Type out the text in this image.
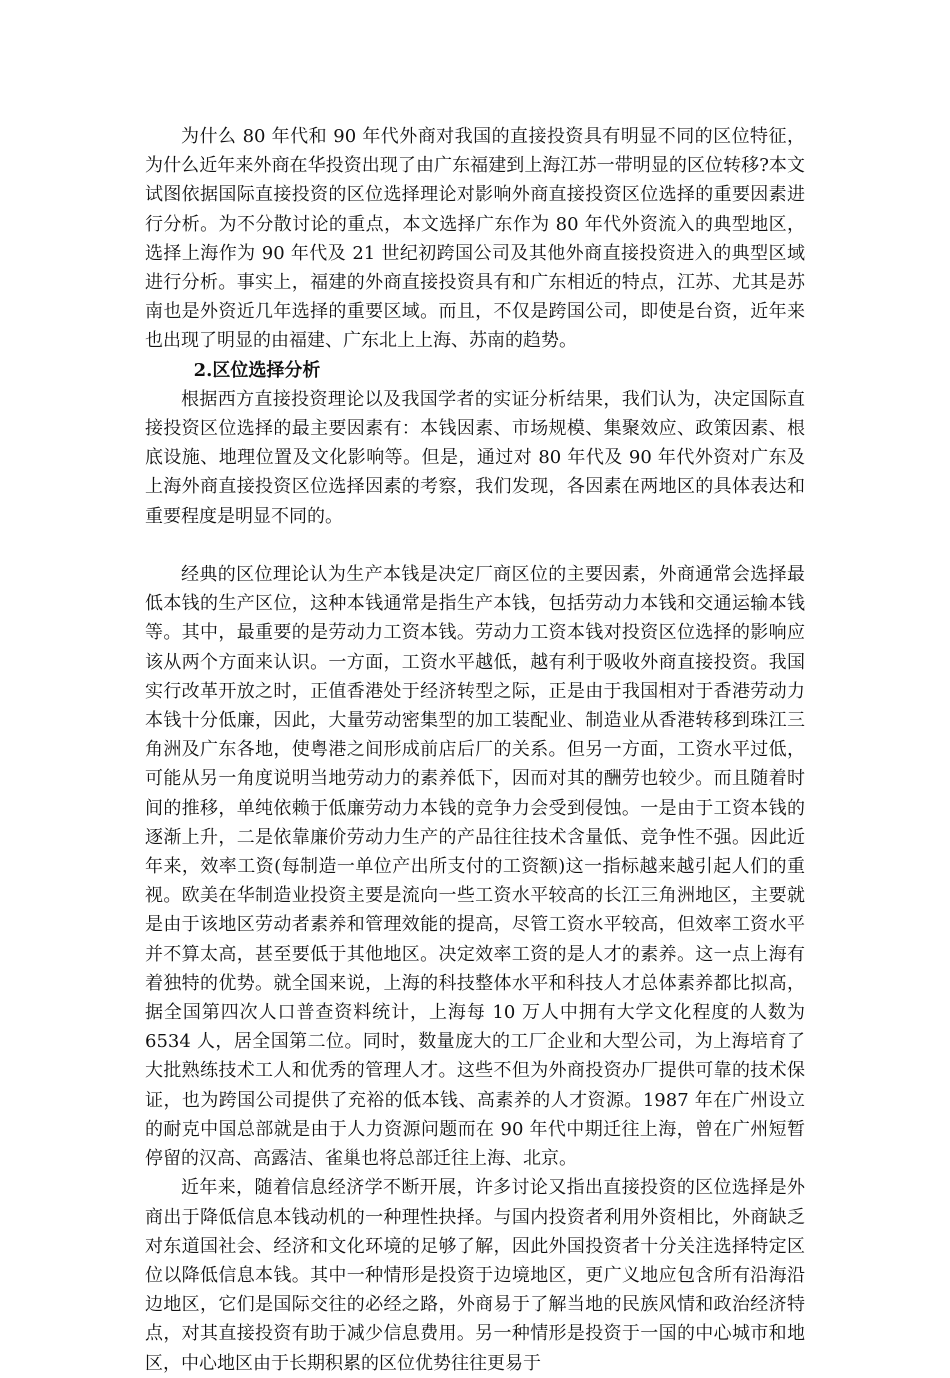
为什么 80 年代和 90 年代外商对我国的直接投资具有明显不同的区位特征，为什么近年来外商在华投资出现了由广东福建到上海江苏一带明显的区位转移?本文试图依据国际直接投资的区位选择理论对影响外商直接投资区位选择的重要因素进行分析。为不分散讨论的重点，本文选择广东作为 80 年代外资流入的典型地区，选择上海作为 90 年代及 21 世纪初跨国公司及其他外商直接投资进入的典型区域进行分析。事实上，福建的外商直接投资具有和广东相近的特点，江苏、尤其是苏南也是外资近几年选择的重要区域。而且，不仅是跨国公司，即使是台资，近年来也出现了明显的由福建、广东北上上海、苏南的趋势。

2.区位选择分析

根据西方直接投资理论以及我国学者的实证分析结果，我们认为，决定国际直接投资区位选择的最主要因素有：本钱因素、市场规模、集聚效应、政策因素、根底设施、地理位置及文化影响等。但是，通过对 80 年代及 90 年代外资对广东及上海外商直接投资区位选择因素的考察，我们发现，各因素在两地区的具体表达和重要程度是明显不同的。

经典的区位理论认为生产本钱是决定厂商区位的主要因素，外商通常会选择最低本钱的生产区位，这种本钱通常是指生产本钱，包括劳动力本钱和交通运输本钱等。其中，最重要的是劳动力工资本钱。劳动力工资本钱对投资区位选择的影响应该从两个方面来认识。一方面，工资水平越低，越有利于吸收外商直接投资。我国实行改革开放之时，正值香港处于经济转型之际，正是由于我国相对于香港劳动力本钱十分低廉，因此，大量劳动密集型的加工装配业、制造业从香港转移到珠江三角洲及广东各地，使粤港之间形成前店后厂的关系。但另一方面，工资水平过低，可能从另一角度说明当地劳动力的素养低下，因而对其的酬劳也较少。而且随着时间的推移，单纯依赖于低廉劳动力本钱的竞争力会受到侵蚀。一是由于工资本钱的逐渐上升，二是依靠廉价劳动力生产的产品往往技术含量低、竞争性不强。因此近年来，效率工资(每制造一单位产出所支付的工资额)这一指标越来越引起人们的重视。欧美在华制造业投资主要是流向一些工资水平较高的长江三角洲地区，主要就是由于该地区劳动者素养和管理效能的提高，尽管工资水平较高，但效率工资水平并不算太高，甚至要低于其他地区。决定效率工资的是人才的素养。这一点上海有着独特的优势。就全国来说，上海的科技整体水平和科技人才总体素养都比拟高，据全国第四次人口普查资料统计，上海每 10 万人中拥有大学文化程度的人数为 6534 人，居全国第二位。同时，数量庞大的工厂企业和大型公司，为上海培育了大批熟练技术工人和优秀的管理人才。这些不但为外商投资办厂提供可靠的技术保证，也为跨国公司提供了充裕的低本钱、高素养的人才资源。1987 年在广州设立的耐克中国总部就是由于人力资源问题而在 90 年代中期迁往上海，曾在广州短暂停留的汉高、高露洁、雀巢也将总部迁往上海、北京。

近年来，随着信息经济学不断开展，许多讨论又指出直接投资的区位选择是外商出于降低信息本钱动机的一种理性抉择。与国内投资者利用外资相比，外商缺乏对东道国社会、经济和文化环境的足够了解，因此外国投资者十分关注选择特定区位以降低信息本钱。其中一种情形是投资于边境地区，更广义地应包含所有沿海沿边地区，它们是国际交往的必经之路，外商易于了解当地的民族风情和政治经济特点，对其直接投资有助于减少信息费用。另一种情形是投资于一国的中心城市和地区，中心地区由于长期积累的区位优势往往更易于
